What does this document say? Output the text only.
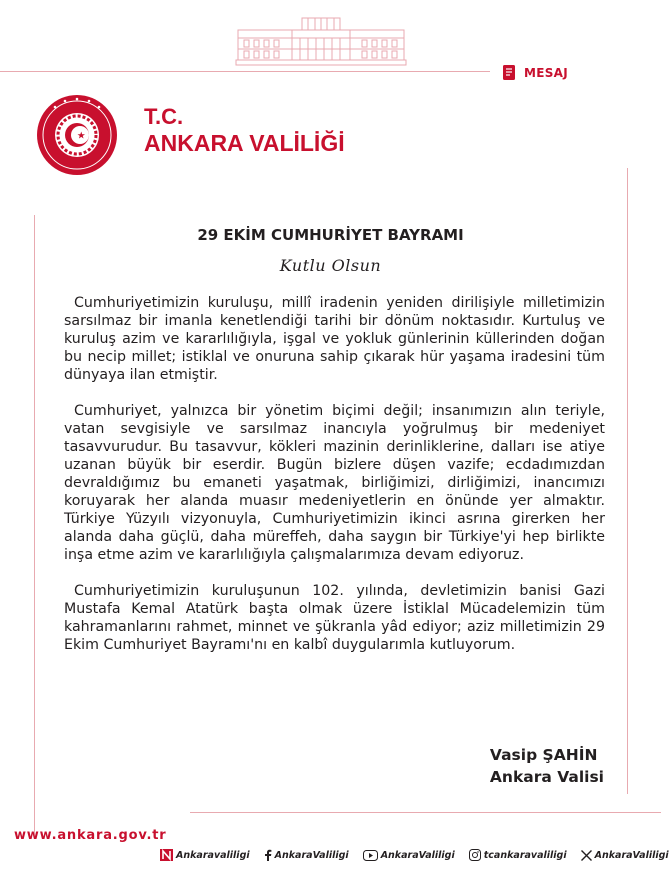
MESAJ
T.C.
ANKARA VALİLİĞİ
29 EKİM CUMHURİYET BAYRAMI
Kutlu Olsun

Cumhuriyetimizin kuruluşu, millî iradenin yeniden dirilişiyle milletimizin sarsılmaz bir imanla kenetlendiği tarihi bir dönüm noktasıdır. Kurtuluş ve kuruluş azim ve kararlılığıyla, işgal ve yokluk günlerinin küllerinden doğan bu necip millet; istiklal ve onuruna sahip çıkarak hür yaşama iradesini tüm dünyaya ilan etmiştir.

Cumhuriyet, yalnızca bir yönetim biçimi değil; insanımızın alın teriyle, vatan sevgisiyle ve sarsılmaz inancıyla yoğrulmuş bir medeniyet tasavvurudur. Bu tasavvur, kökleri mazinin derinliklerine, dalları ise atiye uzanan büyük bir eserdir. Bugün bizlere düşen vazife; ecdadımızdan devraldığımız bu emaneti yaşatmak, birliğimizi, dirliğimizi, inancımızı koruyarak her alanda muasır medeniyetlerin en önünde yer almaktır. Türkiye Yüzyılı vizyonuyla, Cumhuriyetimizin ikinci asrına girerken her alanda daha güçlü, daha müreffeh, daha saygın bir Türkiye'yi hep birlikte inşa etme azim ve kararlılığıyla çalışmalarımıza devam ediyoruz.

Cumhuriyetimizin kuruluşunun 102. yılında, devletimizin banisi Gazi Mustafa Kemal Atatürk başta olmak üzere İstiklal Mücadelemizin tüm kahramanlarını rahmet, minnet ve şükranla yâd ediyor; aziz milletimizin 29 Ekim Cumhuriyet Bayramı'nı en kalbî duygularımla kutluyorum.

Vasip ŞAHİN
Ankara Valisi
www.ankara.gov.tr
Ankaravaliligi	AnkaraValiligi	AnkaraValiligi	tcankaravaliligi	AnkaraValiligi
